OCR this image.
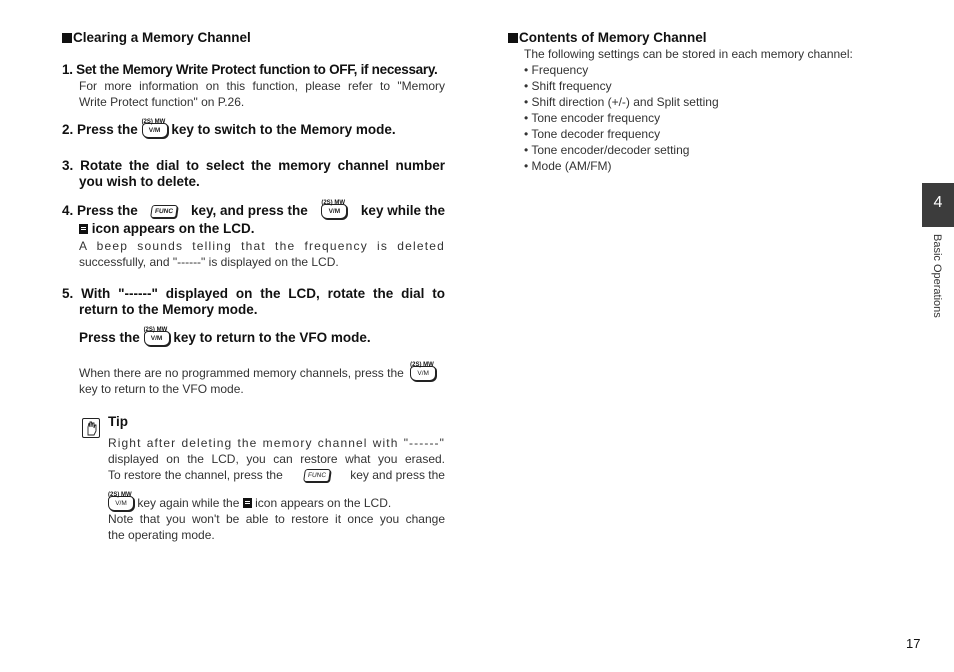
Clearing a Memory Channel
1. Set the Memory Write Protect function to OFF, if necessary.
For more information on this function, please refer to "Memory
Write Protect function" on P.26.
2. Press the
(2S) MW
V/M key to switch to the Memory mode.
3. Rotate the dial to select the memory channel number
you wish to delete.
4. Press the	FUNC	key, and press the
(2S) MW
V/M	key while the
icon appears on the LCD.
A beep sounds telling that the frequency is deleted
successfully, and "------" is displayed on the LCD.
5. With "------" displayed on the LCD, rotate the dial to
return to the Memory mode.
Press the
(2S) MW
V/M key to return to the VFO mode.
When there are no programmed memory channels, press the
(2S) MW
V/M
key to return to the VFO mode.
Tip
Right after deleting the memory channel with "------"
displayed on the LCD, you can restore what you erased.
To restore the channel, press the	FUNC	key and press the
(2S) MW
V/M key again while the icon appears on the LCD.
Note that you won't be able to restore it once you change
the operating mode.
Contents of Memory Channel
The following settings can be stored in each memory channel:
• Frequency
• Shift frequency
• Shift direction (+/-) and Split setting
• Tone encoder frequency
• Tone decoder frequency
• Tone encoder/decoder setting
• Mode (AM/FM)
4
Basic Operations
17
